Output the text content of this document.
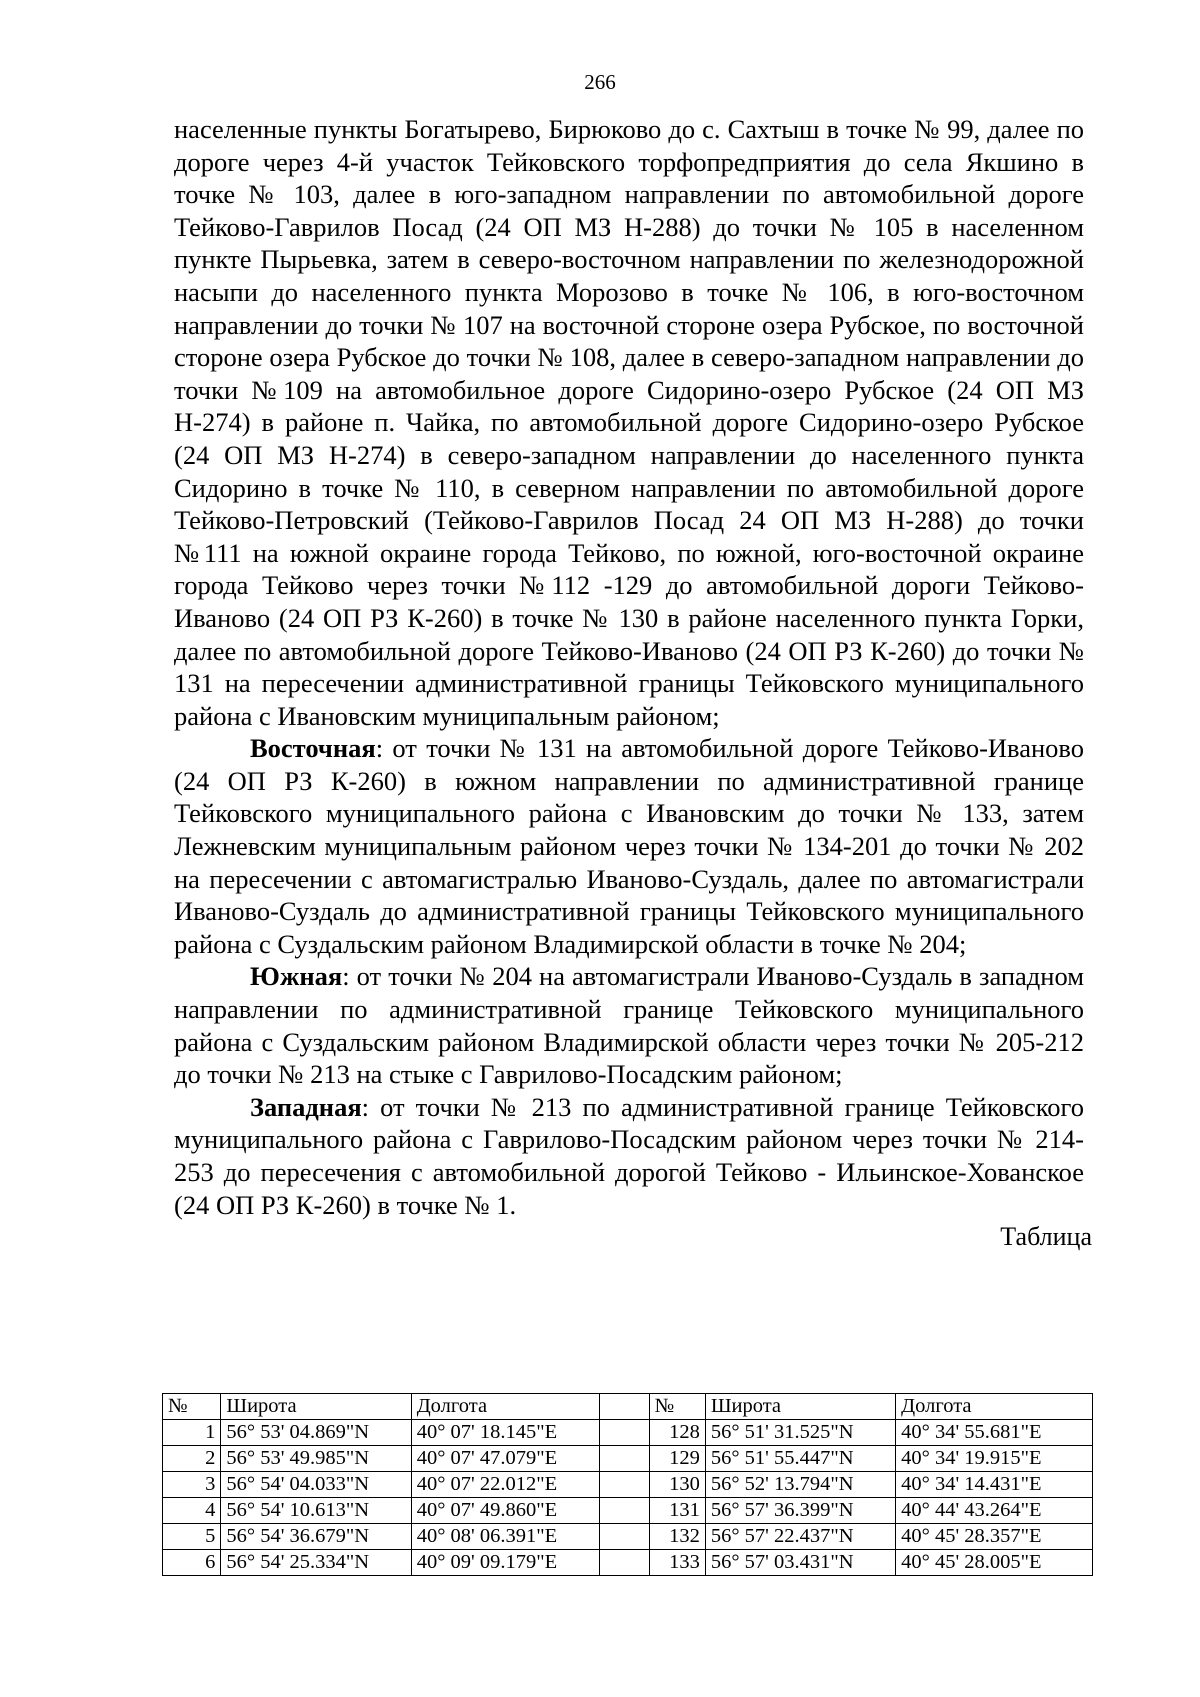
266

населенные пункты Богатырево, Бирюково до с. Сахтыш в точке № 99, далее по дороге через 4-й участок Тейковского торфопредприятия до села Якшино в точке № 103, далее в юго-западном направлении по автомобильной дороге Тейково-Гаврилов Посад (24 ОП МЗ Н-288) до точки № 105 в населенном пункте Пырьевка, затем в северо-восточном направлении по железнодорожной насыпи до населенного пункта Морозово в точке № 106, в юго-восточном направлении до точки № 107 на восточной стороне озера Рубское, по восточной стороне озера Рубское до точки № 108, далее в северо-западном направлении до точки №109 на автомобильное дороге Сидорино-озеро Рубское (24 ОП МЗ Н-274) в районе п. Чайка, по автомобильной дороге Сидорино-озеро Рубское (24 ОП МЗ Н-274) в северо-западном направлении до населенного пункта Сидорино в точке № 110, в северном направлении по автомобильной дороге Тейково-Петровский (Тейково-Гаврилов Посад 24 ОП МЗ Н-288) до точки №111 на южной окраине города Тейково, по южной, юго-восточной окраине города Тейково через точки №112 -129 до автомобильной дороги Тейково-Иваново (24 ОП РЗ К-260) в точке № 130 в районе населенного пункта Горки, далее по автомобильной дороге Тейково-Иваново (24 ОП РЗ К-260) до точки № 131 на пересечении административной границы Тейковского муниципального района с Ивановским муниципальным районом;

Восточная: от точки № 131 на автомобильной дороге Тейково-Иваново (24 ОП РЗ К-260) в южном направлении по административной границе Тейковского муниципального района с Ивановским до точки № 133, затем Лежневским муниципальным районом через точки № 134-201 до точки № 202 на пересечении с автомагистралью Иваново-Суздаль, далее по автомагистрали Иваново-Суздаль до административной границы Тейковского муниципального района с Суздальским районом Владимирской области в точке № 204;

Южная: от точки № 204 на автомагистрали Иваново-Суздаль в западном направлении по административной границе Тейковского муниципального района с Суздальским районом Владимирской области через точки № 205-212 до точки № 213 на стыке с Гаврилово-Посадским районом;

Западная: от точки № 213 по административной границе Тейковского муниципального района с Гаврилово-Посадским районом через точки № 214-253 до пересечения с автомобильной дорогой Тейково - Ильинское-Хованское (24 ОП РЗ К-260) в точке № 1.

Таблица
№	Широта	Долгота		№	Широта	Долгота
1	56° 53' 04.869"N	40° 07' 18.145"E		128	56° 51' 31.525"N	40° 34' 55.681"E
2	56° 53' 49.985"N	40° 07' 47.079"E		129	56° 51' 55.447"N	40° 34' 19.915"E
3	56° 54' 04.033"N	40° 07' 22.012"E		130	56° 52' 13.794"N	40° 34' 14.431"E
4	56° 54' 10.613"N	40° 07' 49.860"E		131	56° 57' 36.399"N	40° 44' 43.264"E
5	56° 54' 36.679"N	40° 08' 06.391"E		132	56° 57' 22.437"N	40° 45' 28.357"E
6	56° 54' 25.334"N	40° 09' 09.179"E		133	56° 57' 03.431"N	40° 45' 28.005"E
